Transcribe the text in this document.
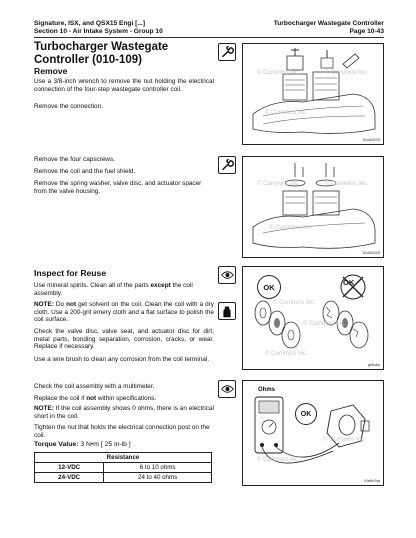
Signature, ISX, and QSX15 Engi [...]
Section 10 - Air Intake System - Group 10
Turbocharger Wastegate Controller
Page 10-43
Turbocharger Wastegate Controller (010-109)
Remove
Use a 3/8-inch wrench to remove the nut holding the electrical connection of the four-step wastegate controller coil.
Remove the connection.
© Cummins Inc.	© Cummins Inc.
© Cummins Inc.
10u00020
Remove the four capscrews.
Remove the coil and the fuel shield.
Remove the spring washer, valve disc, and actuator spacer from the valve housing.
© Cummins Inc.	© Cummins Inc.
© Cummins Inc.
10u00020
Inspect for Reuse
Use mineral spirits. Clean all of the parts except the coil assembly.
NOTE: Do not get solvent on the coil. Clean the coil with a dry cloth. Use a 200-grit emery cloth and a flat surface to polish the coil surface.
Check the valve disc, valve seat, and actuator disc for dirt, metal parts, bonding separation, corrosion, cracks, or wear. Replace if necessary.
Use a wire brush to clean any corrosion from the coil terminal.
OK	OK
© Cummins Inc.
© Cummins Inc.
© Cummins Inc.
gf8ubs
Check the coil assembly with a multimeter.
Replace the coil if not within specifications.
NOTE: If the coil assembly shows 0 ohms, there is an electrical short in the coil.
Tighten the nut that holds the electrical connection post on the coil.
Torque Value: 3 N•m [ 25 in-lb ]
Resistance	
12-VDC	6 to 10 ohms
24-VDC	24 to 40 ohms
Ohms
OK
© Cummins Inc.
© Cummins Inc.
f0ebb3ta
